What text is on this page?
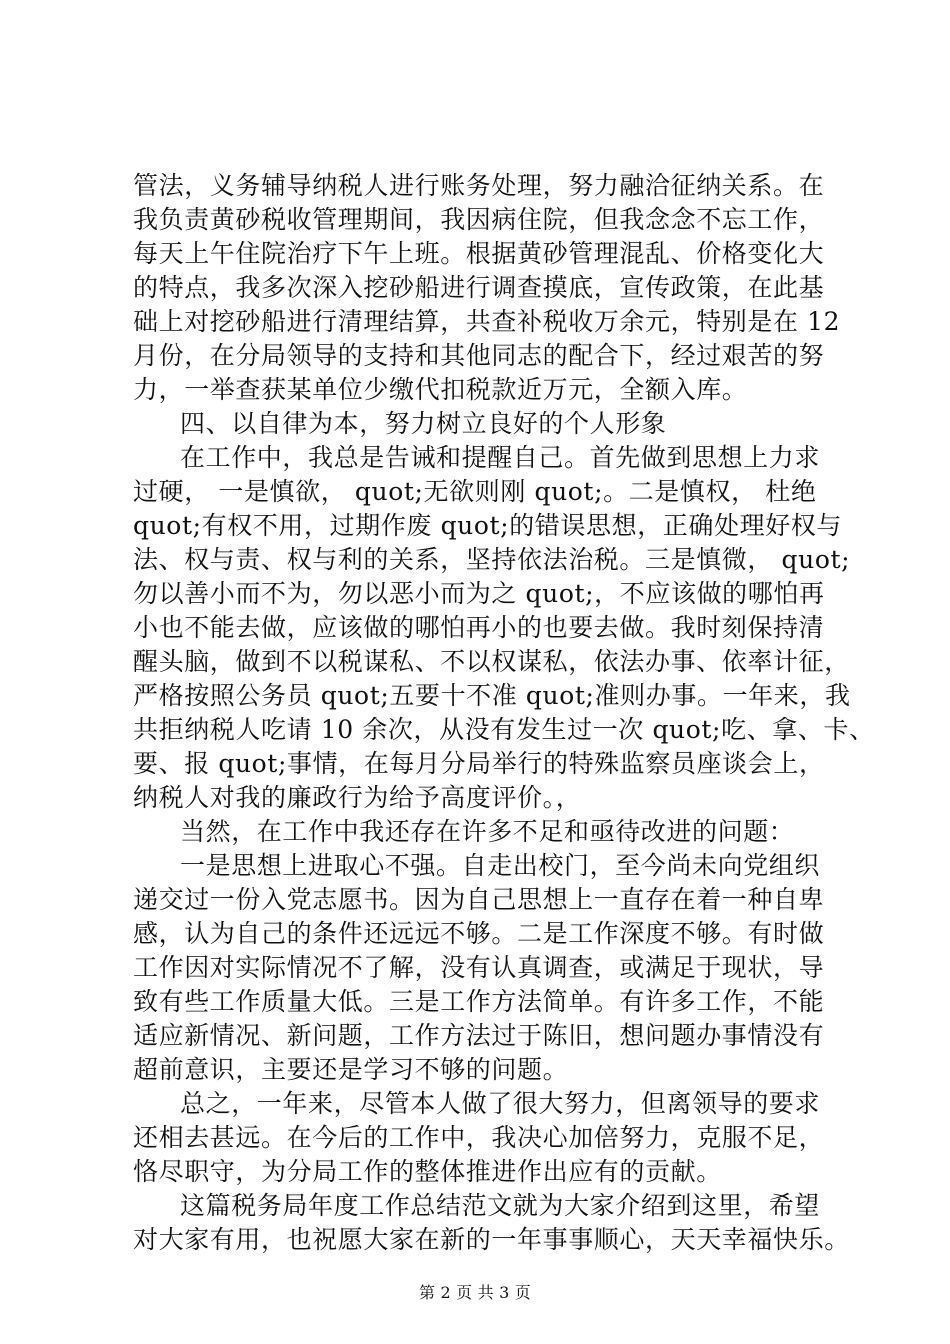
管法，义务辅导纳税人进行账务处理，努力融洽征纳关系。在
我负责黄砂税收管理期间，我因病住院，但我念念不忘工作，
每天上午住院治疗下午上班。根据黄砂管理混乱、价格变化大
的特点，我多次深入挖砂船进行调查摸底，宣传政策，在此基
础上对挖砂船进行清理结算，共查补税收万余元，特别是在 12
月份，在分局领导的支持和其他同志的配合下，经过艰苦的努
力，一举查获某单位少缴代扣税款近万元，全额入库。
四、以自律为本，努力树立良好的个人形象
在工作中，我总是告诫和提醒自己。首先做到思想上力求
过硬， 一是慎欲， quot;无欲则刚 quot;。二是慎权， 杜绝
quot;有权不用，过期作废 quot;的错误思想，正确处理好权与
法、权与责、权与利的关系，坚持依法治税。三是慎微， quot;
勿以善小而不为，勿以恶小而为之 quot;，不应该做的哪怕再
小也不能去做，应该做的哪怕再小的也要去做。我时刻保持清
醒头脑，做到不以税谋私、不以权谋私，依法办事、依率计征，
严格按照公务员 quot;五要十不准 quot;准则办事。一年来，我
共拒纳税人吃请 10 余次，从没有发生过一次 quot;吃、拿、卡、
要、报 quot;事情，在每月分局举行的特殊监察员座谈会上，
纳税人对我的廉政行为给予高度评价。，
当然，在工作中我还存在许多不足和亟待改进的问题：
一是思想上进取心不强。自走出校门，至今尚未向党组织
递交过一份入党志愿书。因为自己思想上一直存在着一种自卑
感，认为自己的条件还远远不够。二是工作深度不够。有时做
工作因对实际情况不了解，没有认真调查，或满足于现状，导
致有些工作质量大低。三是工作方法简单。有许多工作，不能
适应新情况、新问题，工作方法过于陈旧，想问题办事情没有
超前意识，主要还是学习不够的问题。
总之，一年来，尽管本人做了很大努力，但离领导的要求
还相去甚远。在今后的工作中，我决心加倍努力，克服不足，
恪尽职守，为分局工作的整体推进作出应有的贡献。
这篇税务局年度工作总结范文就为大家介绍到这里，希望
对大家有用，也祝愿大家在新的一年事事顺心，天天幸福快乐。
第 2 页 共 3 页
